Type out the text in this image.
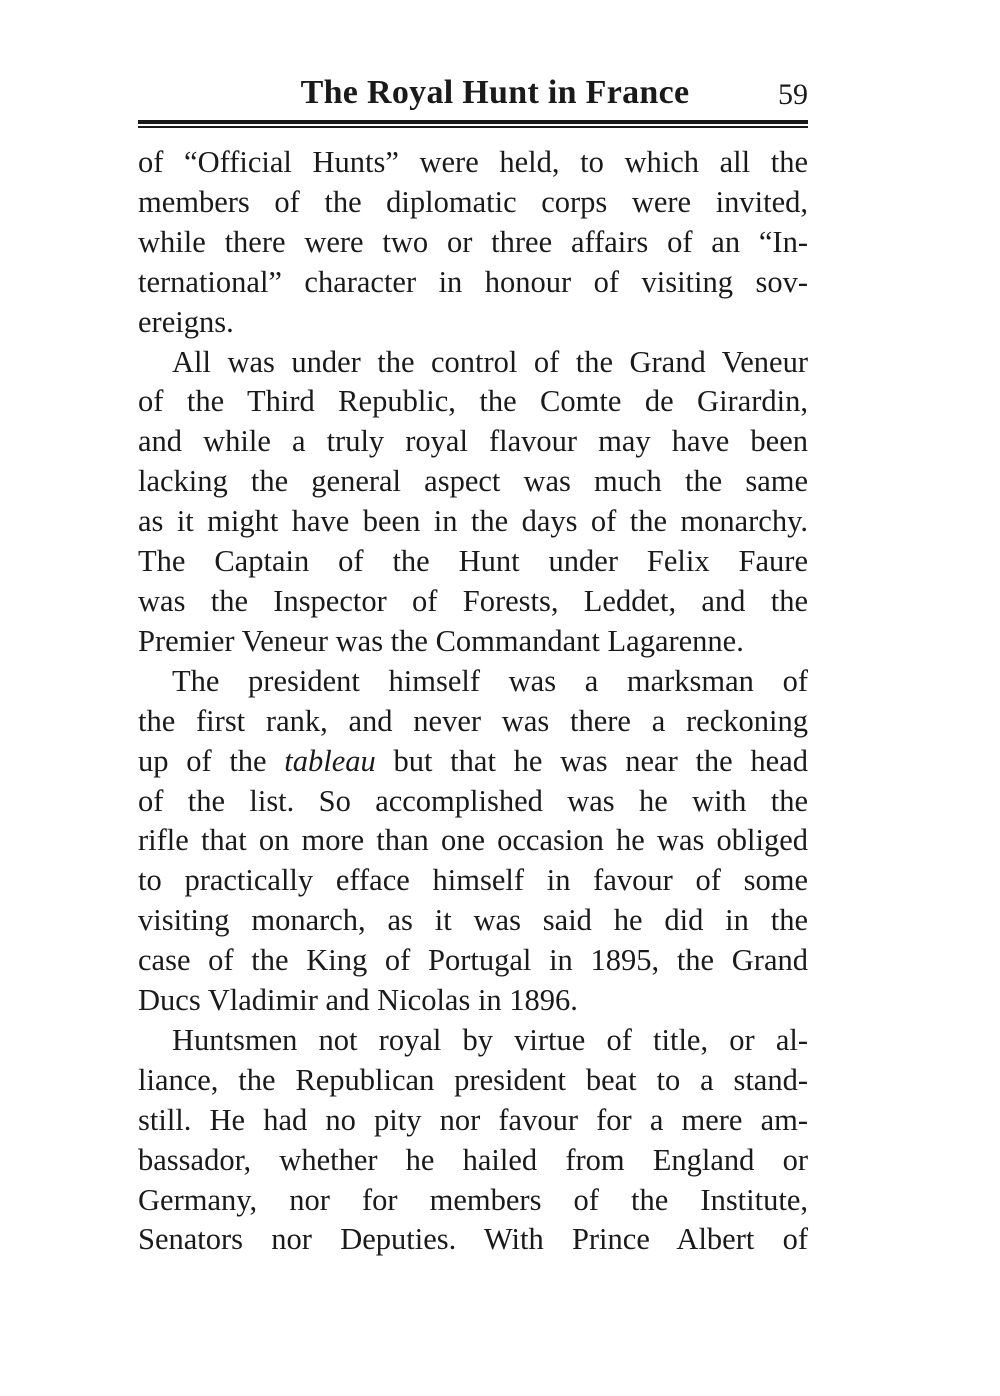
The Royal Hunt in France	59

of “Official Hunts” were held, to which all the
members of the diplomatic corps were invited,
while there were two or three affairs of an “In-
ternational” character in honour of visiting sov-
ereigns.

All was under the control of the Grand Veneur
of the Third Republic, the Comte de Girardin,
and while a truly royal flavour may have been
lacking the general aspect was much the same
as it might have been in the days of the monarchy.
The Captain of the Hunt under Felix Faure
was the Inspector of Forests, Leddet, and the
Premier Veneur was the Commandant Lagarenne.

The president himself was a marksman of
the first rank, and never was there a reckoning
up of the tableau but that he was near the head
of the list. So accomplished was he with the
rifle that on more than one occasion he was obliged
to practically efface himself in favour of some
visiting monarch, as it was said he did in the
case of the King of Portugal in 1895, the Grand
Ducs Vladimir and Nicolas in 1896.

Huntsmen not royal by virtue of title, or al-
liance, the Republican president beat to a stand-
still. He had no pity nor favour for a mere am-
bassador, whether he hailed from England or
Germany, nor for members of the Institute,
Senators nor Deputies. With Prince Albert of
